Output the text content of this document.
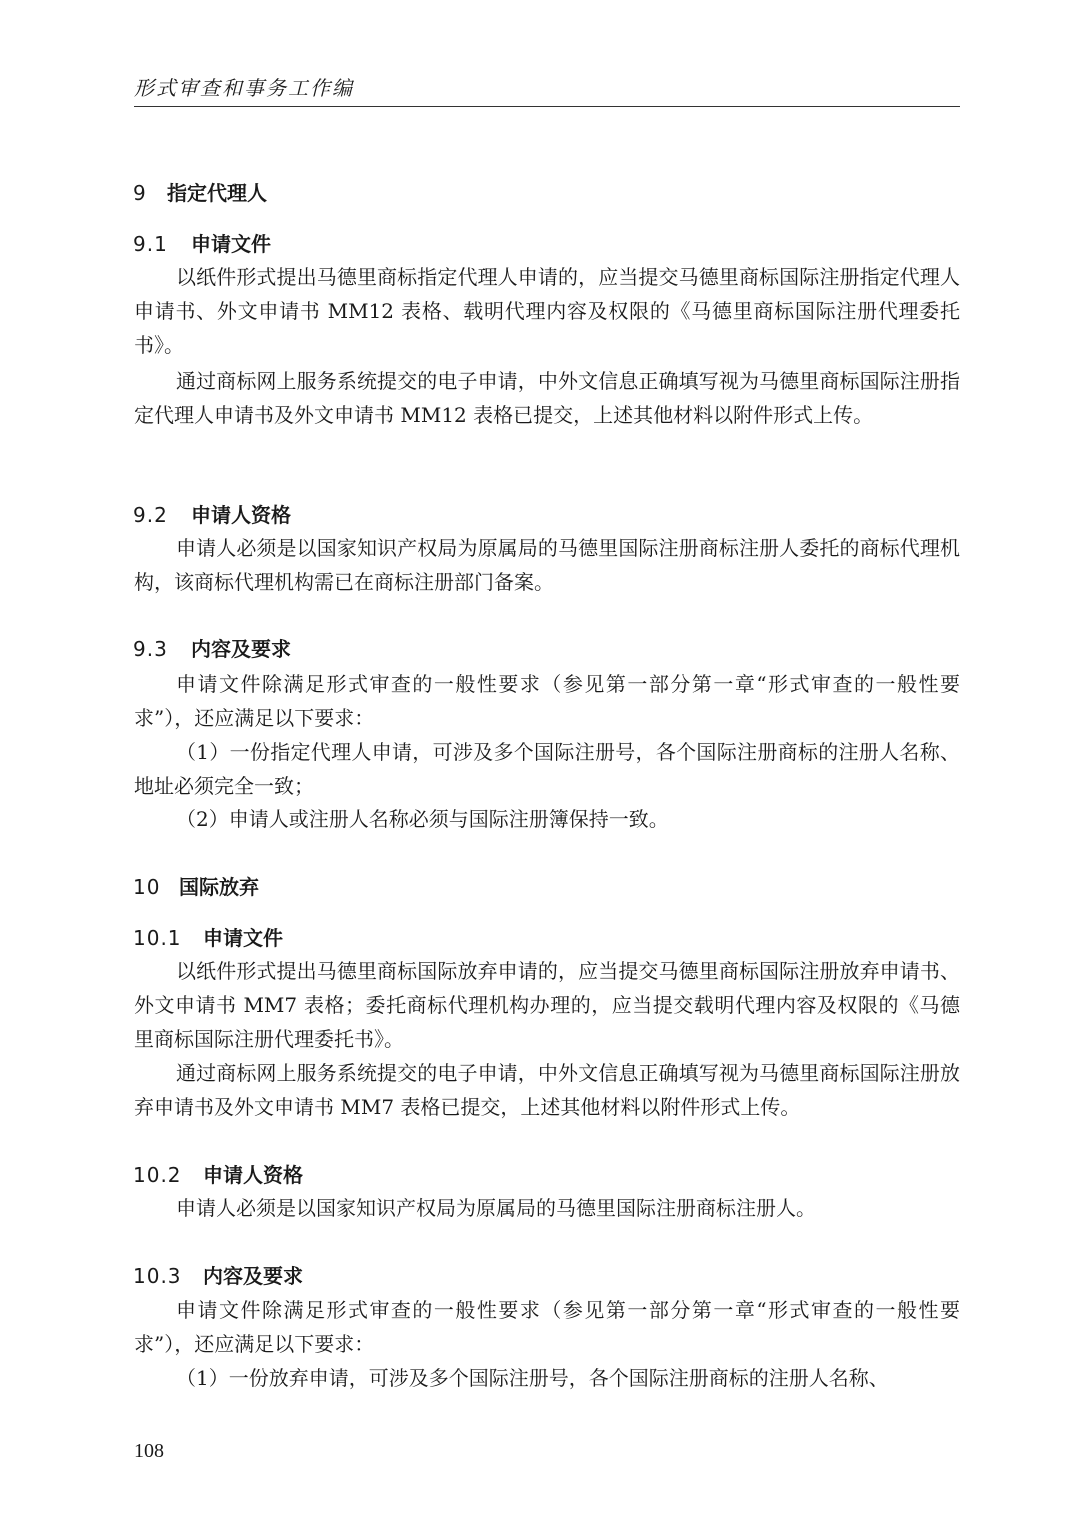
形式审查和事务工作编
9 指定代理人
9.1 申请文件

以纸件形式提出马德里商标指定代理人申请的，应当提交马德里商标国际注册指定代理人申请书、外文申请书 MM12 表格、载明代理内容及权限的《马德里商标国际注册代理委托书》。

通过商标网上服务系统提交的电子申请，中外文信息正确填写视为马德里商标国际注册指定代理人申请书及外文申请书 MM12 表格已提交，上述其他材料以附件形式上传。

9.2 申请人资格

申请人必须是以国家知识产权局为原属局的马德里国际注册商标注册人委托的商标代理机构，该商标代理机构需已在商标注册部门备案。

9.3 内容及要求

申请文件除满足形式审查的一般性要求（参见第一部分第一章“形式审查的一般性要求”），还应满足以下要求：

（1）一份指定代理人申请，可涉及多个国际注册号，各个国际注册商标的注册人名称、地址必须完全一致；

（2）申请人或注册人名称必须与国际注册簿保持一致。

10 国际放弃
10.1 申请文件

以纸件形式提出马德里商标国际放弃申请的，应当提交马德里商标国际注册放弃申请书、外文申请书 MM7 表格；委托商标代理机构办理的，应当提交载明代理内容及权限的《马德里商标国际注册代理委托书》。

通过商标网上服务系统提交的电子申请，中外文信息正确填写视为马德里商标国际注册放弃申请书及外文申请书 MM7 表格已提交，上述其他材料以附件形式上传。

10.2 申请人资格

申请人必须是以国家知识产权局为原属局的马德里国际注册商标注册人。

10.3 内容及要求

申请文件除满足形式审查的一般性要求（参见第一部分第一章“形式审查的一般性要求”），还应满足以下要求：

（1）一份放弃申请，可涉及多个国际注册号，各个国际注册商标的注册人名称、

108
